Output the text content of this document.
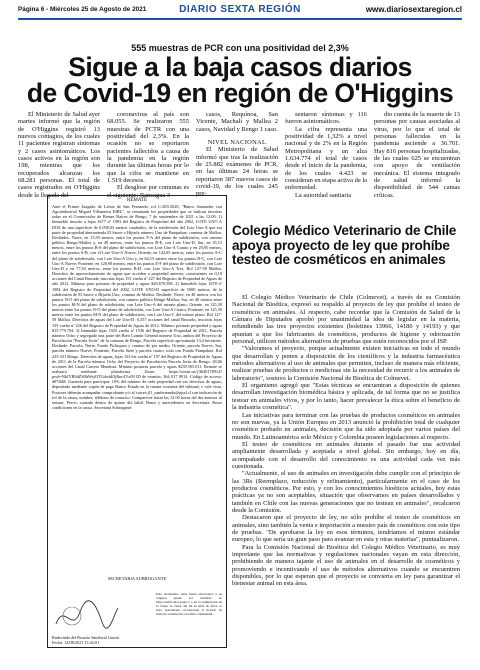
Página 6 - Miércoles 25 de Agosto de 2021	DIARIO SEXTA REGIÓN	www.diariosextaregion.cl
555 muestras de PCR con una positividad del 2,3%
Sigue a la baja casos diarios
de Covid-19 en región de O'Higgins

El Ministerio de Salud ayer martes informó que la región de O'Higgins registró 13 nuevos contagios, de los cuales 11 pacientes registran síntomas y 2 casos asintomáticos. Los casos activos en la región son 198, mientras que los recuperados alcanzan los 68.281 personas. El total de casos registrados en O'Higgins desde la llegada del

coronavirus al país son 68.055. Se realizaron 555 muestras de PCTR con una positividad del 2,3%. En la ocasión no se reportaron pacientes fallecidos a causa de la pandemia en la región durante las últimas horas por lo que la cifra se mantiene en 1.519 decesos.

El desglose por comunas es el siguiente: Rancagua 3

casos, Requínoa, San Vicente, Machalí y Mallea 2 casos, Navidad y Rengo 1 caso.

NIVEL NACIONAL

El Ministerio de Salud informó que tras la realización de 25.882 exámenes de PCR, en las últimas 24 horas se reportaron 387 nuevos casos de covid-19, de los cuales 245 pre-

sentaron síntomas y 116 fueron asintomáticos.

La cifra representa una positividad de 1,32% a nivel nacional y de 2% en la Región Metropolitana y un alza 1.634.774 el total de casos desde el inicio de la pandemia, de los cuales 4.423 se consideran en etapa activa de la enfermedad.

La autoridad sanitaria

dio cuenta de la muerte de 13 personas por causas asociadas al virus, por lo que el total de personas fallecidas en la pandemia asciende a 36.701. Hay 816 personas hospitalizadas, de las cuales 625 se encuentran con apoyo de ventilación mecánica. El sistema integrado de salud informó la disponibilidad de 544 camas críticas.

REMATE
Ante el Primer Juzgado de Letras de San Fernando, rol C-203-2020, "Banco Santander con Agroindustrial Miguel Villanueva EIRL", se rematarán los propiedades que se indican inscritas todas en el Conservador de Bienes Raíces de Rengo, 7 de septiembre de 2021 a las 12:00. 1) Inmueble inscrito a fojas 1677 nº 1983 del Registro de Propiedad del año 2002, LOTE UNO A DOS de una superficie de 6.098,03 metros cuadrados, de la subdivisión del Lote Uno-A que era parte de propiedad denominada El Sauce o Hijuela número Uno de Pumpahue, comuna de Malloa. Deslindes: Norte, en 15,50 metros, entre los puntos F-A del plano de subdivisión, con camino público Rengo-Malloa y, en 40 metros, entre los puntos B-E, con Lote Uno-D; Sur, en 35,15 metros, entre los puntos B-S del plano de subdivisión, con Lote Uno-A Cuatro y en 20,95 metros, entre los puntos S-B, con el Lote Uno-A Nueve; Oriente, en 142,65 metros, entre los puntos A-C del plano de subdivisión, con Lote Uno-A Uno y, en 64,15 metros entre los puntos B-C, con Lote Uno-A Nueve; Poniente, en 120,90 metros, entre los puntos E-F del plano de subdivisión, con Lote Uno-D y en 77,50 metros, entre los puntos B-D, con Lote Uno-A Tres. Rol 127-58 Malloa. Derechos de aprovechamiento de aguas que acceden a propiedad anterior, consistentes en 0,10 acciones del Canal Brucado inscritas fojas 151 vuelta nº 227 del Registro de Propiedad de Aguas de año 2012. Mínimo para posturas de propiedad y aguas $20.670.508. 2) Inmueble fojas 1678 nº 1984 del Registro de Propiedad del 2002, LOTE UNO-D superficie de 5000 metros, de la subdivisión de El Sauce o Hijuela Uno, comuna de Malloa. Deslinde: Norte, en 40 metros con los puntos N-O del plano de subdivisión, con camino público Rengo-Malloa; Sur, en 40 metros entre los puntos M-N del plano de subdivisión, con Lote Uno-A del mismo plano; Oriente, en 125,30 metros entre los puntos N-O del plano de subdivisión, con Lote Uno-A Cuatro; Poniente, en 125,30 metros entre los puntos M-N del plano de subdivisión, con Lote Uno-C del mismo plano. Rol 127-59 Malloa. Derechos de aguas del Lote Uno-D: 0,357 acciones del canal Brucado, inscritas fojas 155 vuelta nº 226 del Registro de Propiedad de Aguas de 2012. Mínimo posturas propiedad y aguas $15.779.794. 3) Inmueble fojas 1925 vuelta nº 1536 del Registro de Propiedad de 2011, Parcela número Ocho y segregado una parte del Bien Común General número Uno, ambos del Proyecto de Parcelación "Parcela Jesús" de la comuna de Rengo, Parcela superficie aproximada 13,4 hectáreas. Deslinde: Parcela, Norte, Fundo Pichiquao y camino de por medio; Oriente, parcela Nueve; Sur, parcela número Nueve; Poniente, Parcela Siete y parcela cuatro, todo con Fundo Pumpahue. Rol 233-331 Rengo. Derechos de aguas, fojas 153 bis vuelta nº 197 del Registro de Propiedad de Aguas de 2011 de la Parcela número Ocho del Proyecto de Parcelación Parcela Jesús de Rengo. 28,06 acciones del Canal Carrera Mendoza. Mínimo posturas parcela y aguas $239.505.011. Remate se realizará mediante plataforma Zoom https://zoom.us/j/3640178914? pwd=NkJYR0dZS0hWejl3TGdwbEJjRnc4Vz09 ID de reunión: 364 017 8914. Código de acceso: d07fbM. Garantía para participar: 10% del mínimo de cada propiedad con sus derechos de aguas, depositado mediante cupón de pago Banco Estado en la cuenta corriente del tribunal, o vale vista. Postores deberán acompañar comprobante y/o al correo jl1_sanfernando@pjud.cl con indicación de rol de la causa, nombre, teléfono de contacto. Comparecer hasta las 12:00 horas del día anterior al remate. Precio contado dentro de quinto día hábil. Bases y antecedentes en Secretaría. Resto condiciones en la causa. Secretaria Subrogante.
SECRETARIA SUBROGANTE
Rudecinda del Rosario Sandoval García
Fecha: 13/08/2021 15:42:01
Este documento tiene firma electrónica y su original puede ser validado en http://verificadoc.pjud.cl o en la tramitación de la causa. A contar del 04 de abril de 2021, la hora visualizada corresponde al horario de invierno establecido en Chile Continental.
Colegio Médico Veterinario de Chile apoya proyecto de ley que prohíbe testeo de cosméticos en animales

El Colegio Médico Veterinario de Chile (Colmevet), a través de su Comisión Nacional de Bioética, expresó su respaldo al proyecto de ley que prohíbe el testeo de cosméticos en animales. Al respecto, cabe recordar que la Comisión de Salud de la Cámara de Diputados aprobó por unanimidad la idea de legislar en la materia, refundiendo las tres proyectos existentes (boletines 13966, 14180 y 14193) y que apuntan a que los fabricantes de cosméticos, productos de higiene y odorización personal, utilicen métodos alternativos de pruebas que estén reconocidos por el ISP.

"Valoramos el proyecto, porque actualmente existen iniciativas en todo el mundo que desarrollan y ponen a disposición de los científicos y la industria farmacéutica métodos alternativos al uso de animales que permiten, incluso de manera más eficiente, realizar pruebas de productos o medicinas sin la necesidad de recurrir a los animales de laboratorio", sostuvo la Comisión Nacional de Bioética de Colmevet.

El organismo agregó que "Estas técnicas se encuentran a disposición de quienes desarrollan investigación biomédica básica y aplicada, de tal forma que no se justifica testear en animales vivos, y por lo tanto, hacer prevalecer la ética sobre el beneficio de la industria cosmética".

Las iniciativas para terminar con las pruebas de productos cosméticos en animales no son nuevas, ya la Unión Europea en 2013 anunció la prohibición total de cualquier cosmético probado en animales, decisión que ha sido adoptada por varios países del mundo. En Latinoamérica solo México y Colombia poseen legislaciones al respecto.

El testeo de cosméticos en animales durante el pasado fue una actividad ampliamente desarrollada y aceptada a nivel global. Sin embargo, hoy en día, acompañado con el desarrollo del conocimiento es una actividad cada vez más cuestionada.

"Actualmente, el uso de animales en investigación debe cumplir con el principio de las 3Rs (Reemplazo, reducción y refinamiento), particularmente en el caso de los productos cosméticos. Por esto, y con los conocimientos bioéticos actuales, hoy estas prácticas ya no son aceptables, situación que observamos en países desarrollados y también en Chile con las nuevas generaciones que no testean en animales", recalcaron desde la Comisión.

Destacaron que el proyecto de ley, no sólo prohíbe el testeo de cosméticos en animales, sino también la venta e importación a nuestro país de cosméticos con este tipo de pruebas. "De aprobarse la ley en esos términos, tendríamos el mismo estándar europeo, lo que sería un gran paso para avanzar en esta y otras materias", puntualizaron.

Para la Comisión Nacional de Bioética del Colegio Médico Veterinario, es muy importante que las normativas y regulaciones nacionales vayan en esta dirección, prohibiendo de manera tajante el uso de animales en el desarrollo de cosméticos y promoviendo e incentivando el uso de métodos alternativos cuando se encuentren disponibles, por lo que esperan que el proyecto se convierta en ley para garantizar el bienestar animal en esta área.
